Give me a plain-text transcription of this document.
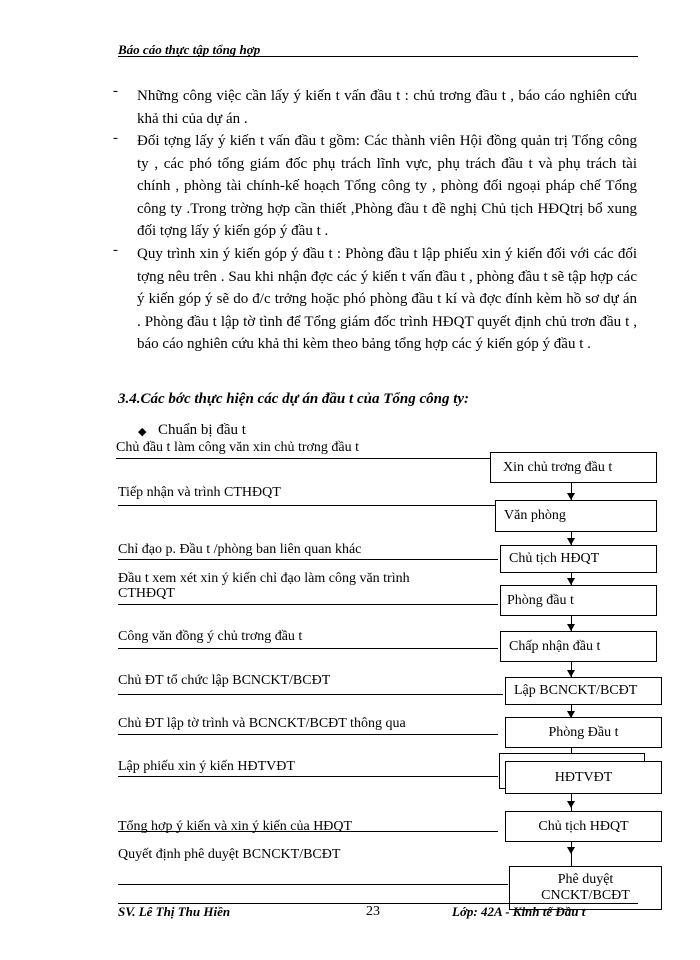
Báo cáo thực tập tổng hợp
- Những công việc cần lấy ý kiến t vấn đầu t : chủ trơng đầu t , báo cáo nghiên cứu khả thi của dự án .

- Đối tợng lấy ý kiến t vấn đầu t gồm: Các thành viên Hội đồng quản trị Tổng công ty , các phó tổng giám đốc phụ trách lĩnh vực, phụ trách đầu t và phụ trách tài chính , phòng tài chính-kế hoạch Tổng công ty , phòng đối ngoại pháp chế Tổng công ty .Trong trờng hợp cần thiết ,Phòng đầu t đề nghị Chủ tịch HĐQtrị bổ xung đối tợng lấy ý kiến góp ý đầu t .

- Quy trình xin ý kiến góp ý đầu t : Phòng đầu t lập phiếu xin ý kiến đối với các đối tợng nêu trên . Sau khi nhận đợc các ý kiến t vấn đầu t , phòng đầu t sẽ tập hợp các ý kiến góp ý sẽ do đ/c trởng hoặc phó phòng đầu t kí và đợc đính kèm hồ sơ dự án . Phòng đầu t lập tờ tình để Tổng giám đốc trình HĐQT quyết định chủ trơn đầu t , báo cáo nghiên cứu khả thi kèm theo bảng tổng hợp các ý kiến góp ý đầu t .

3.4.Các bớc thực hiện các dự án đầu t của Tổng công ty:
◆ Chuẩn bị đầu t
Chủ đầu t làm công văn xin chủ trơng đầu t
Tiếp nhận và trình CTHĐQT
Chỉ đạo p. Đầu t /phòng ban liên quan khác
Đầu t xem xét xin ý kiến chỉ đạo làm công văn trình CTHĐQT
Công văn đồng ý chủ trơng đầu t
Chủ ĐT tổ chức lập BCNCKT/BCĐT
Chủ ĐT lập tờ trình và BCNCKT/BCĐT thông qua
Lập phiếu xin ý kiến HĐTVĐT
Tổng hợp ý kiến và xin ý kiến của HĐQT
Quyết định phê duyệt BCNCKT/BCĐT
Xin chủ trơng đầu t
Văn phòng
Chủ tịch HĐQT
Phòng đầu t
Chấp nhận đầu t
Lập BCNCKT/BCĐT
Phòng Đầu t
HĐTVĐT
Chủ tịch HĐQT
Phê duyệt CNCKT/BCĐT
SV. Lê Thị Thu Hiền	23	Lớp: 42A - Kinh tế Đầu t
